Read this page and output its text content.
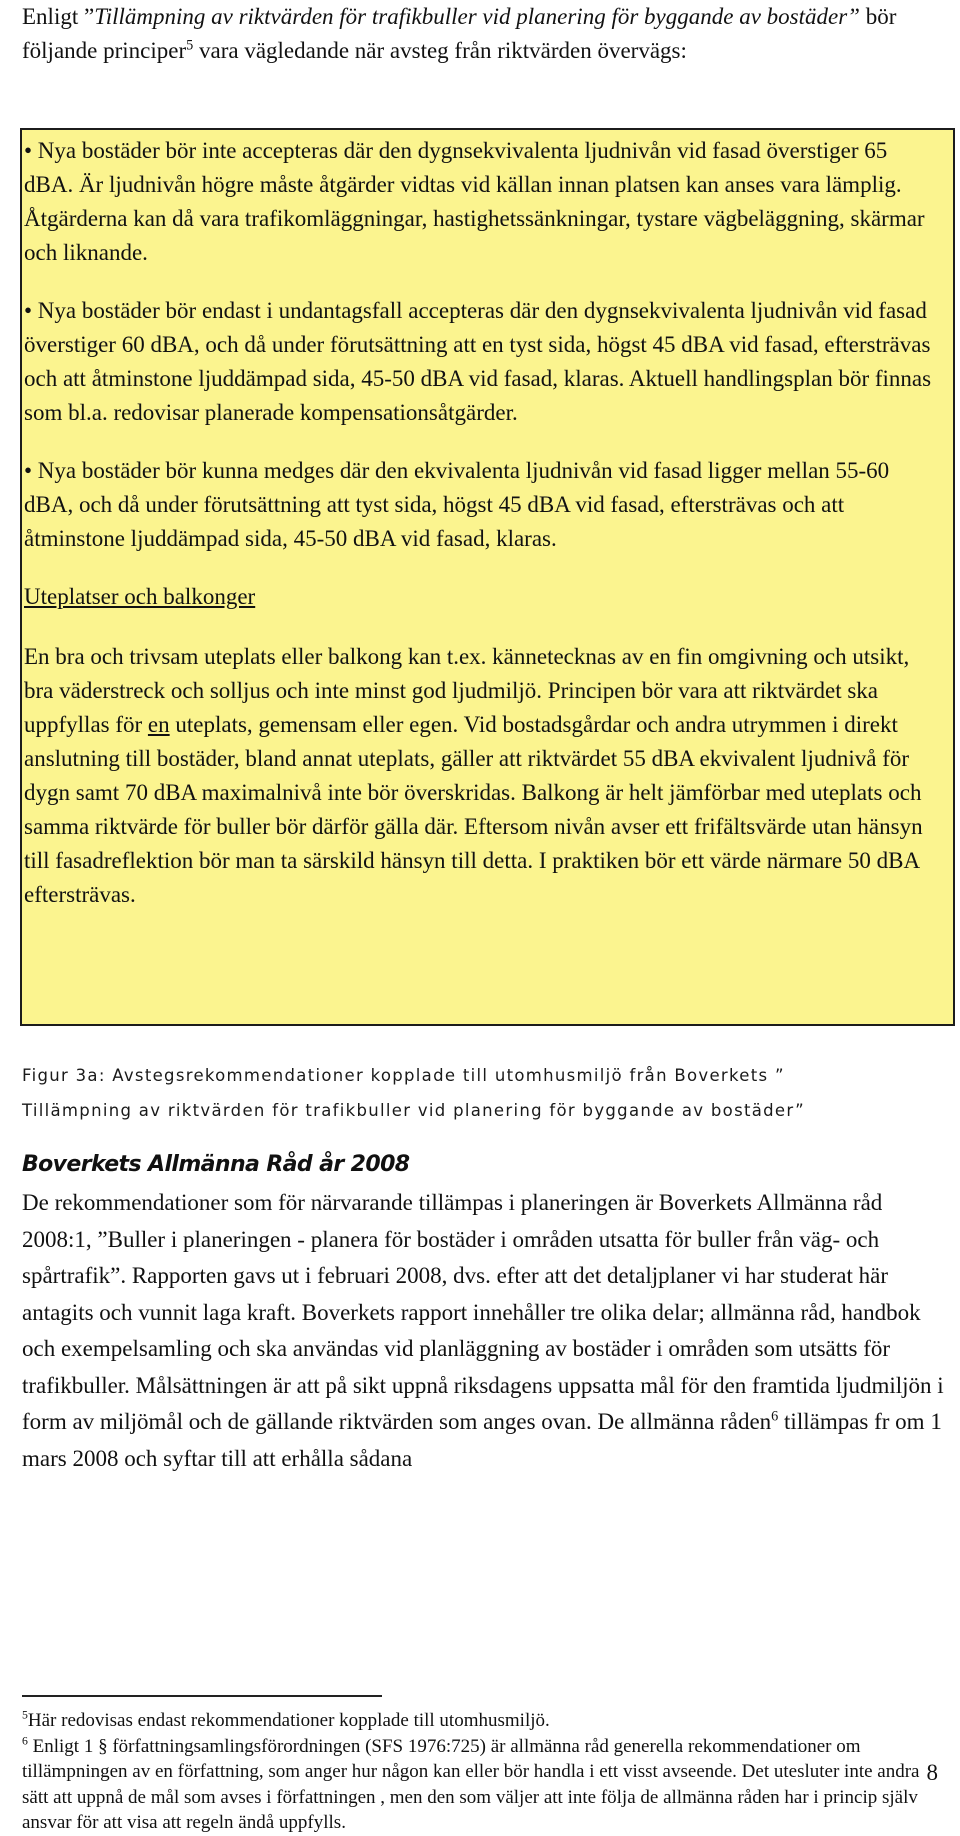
Enligt ”Tillämpning av riktvärden för trafikbuller vid planering för byggande av bostäder” bör följande principer$^5$ vara vägledande när avsteg från riktvärden övervägs:

• Nya bostäder bör inte accepteras där den dygnsekvivalenta ljudnivån vid fasad överstiger 65 dBA. Är ljudnivån högre måste åtgärder vidtas vid källan innan platsen kan anses vara lämplig. Åtgärderna kan då vara trafikomläggningar, hastighetssänkningar, tystare vägbeläggning, skärmar och liknande.

• Nya bostäder bör endast i undantagsfall accepteras där den dygnsekvivalenta ljudnivån vid fasad överstiger 60 dBA, och då under förutsättning att en tyst sida, högst 45 dBA vid fasad, eftersträvas och att åtminstone ljuddämpad sida, 45-50 dBA vid fasad, klaras. Aktuell handlingsplan bör finnas som bl.a. redovisar planerade kompensationsåtgärder.

• Nya bostäder bör kunna medges där den ekvivalenta ljudnivån vid fasad ligger mellan 55-60 dBA, och då under förutsättning att tyst sida, högst 45 dBA vid fasad, eftersträvas och att åtminstone ljuddämpad sida, 45-50 dBA vid fasad, klaras.

Uteplatser och balkonger

En bra och trivsam uteplats eller balkong kan t.ex. kännetecknas av en fin omgivning och utsikt, bra väderstreck och solljus och inte minst god ljudmiljö. Principen bör vara att riktvärdet ska uppfyllas för en uteplats, gemensam eller egen. Vid bostadsgårdar och andra utrymmen i direkt anslutning till bostäder, bland annat uteplats, gäller att riktvärdet 55 dBA ekvivalent ljudnivå för dygn samt 70 dBA maximalnivå inte bör överskridas. Balkong är helt jämförbar med uteplats och samma riktvärde för buller bör därför gälla där. Eftersom nivån avser ett frifältsvärde utan hänsyn till fasadreflektion bör man ta särskild hänsyn till detta. I praktiken bör ett värde närmare 50 dBA eftersträvas.

Figur 3a: Avstegsrekommendationer kopplade till utomhusmiljö från Boverkets ”
Tillämpning av riktvärden för trafikbuller vid planering för byggande av bostäder”
Boverkets Allmänna Råd år 2008

De rekommendationer som för närvarande tillämpas i planeringen är Boverkets Allmänna råd 2008:1, ”Buller i planeringen - planera för bostäder i områden utsatta för buller från väg- och spårtrafik”. Rapporten gavs ut i februari 2008, dvs. efter att det detaljplaner vi har studerat här antagits och vunnit laga kraft. Boverkets rapport innehåller tre olika delar; allmänna råd, handbok och exempelsamling och ska användas vid planläggning av bostäder i områden som utsätts för trafikbuller. Målsättningen är att på sikt uppnå riksdagens uppsatta mål för den framtida ljudmiljön i form av miljömål och de gällande riktvärden som anges ovan. De allmänna råden$^6$ tillämpas fr om 1 mars 2008 och syftar till att erhålla sådana

$^5$Här redovisas endast rekommendationer kopplade till utomhusmiljö.

$^6$ Enligt 1 § författningsamlingsförordningen (SFS 1976:725) är allmänna råd generella rekommendationer om tillämpningen av en författning, som anger hur någon kan eller bör handla i ett visst avseende. Det utesluter inte andra sätt att uppnå de mål som avses i författningen , men den som väljer att inte följa de allmänna råden har i princip själv ansvar för att visa att regeln ändå uppfylls.

8
